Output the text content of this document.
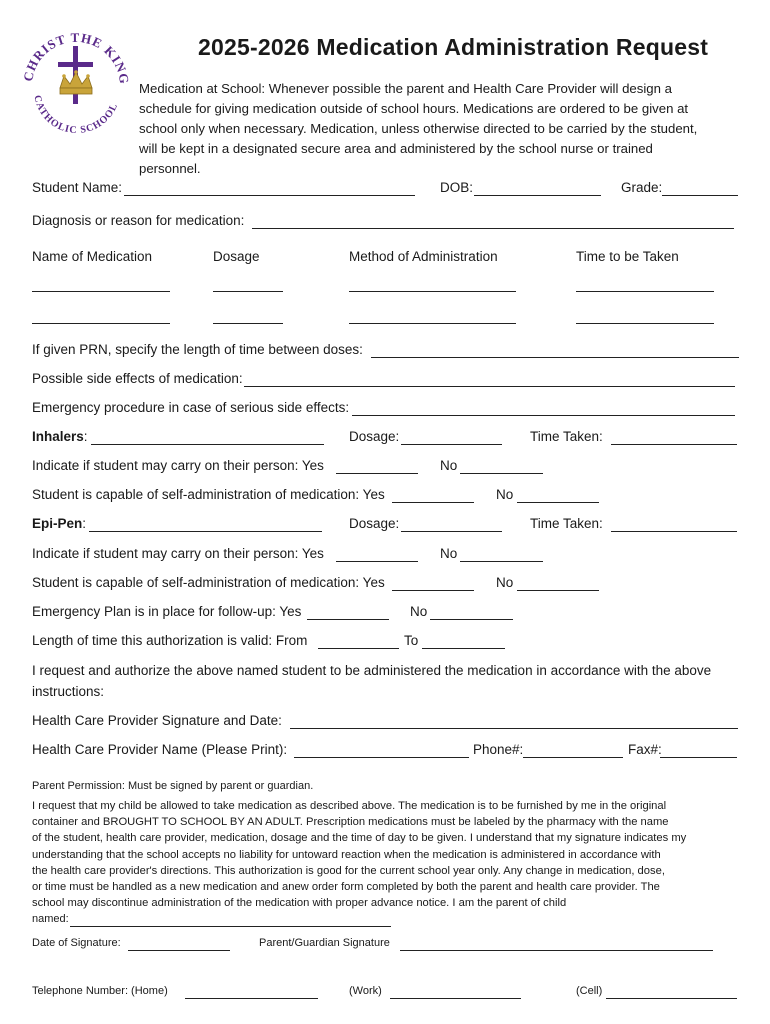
CHRIST THE KING
CATHOLIC SCHOOL
2025-2026 Medication Administration Request
Medication at School: Whenever possible the parent and Health Care Provider will design a
schedule for giving medication outside of school hours. Medications are ordered to be given at
school only when necessary. Medication, unless otherwise directed to be carried by the student,
will be kept in a designated secure area and administered by the school nurse or trained
personnel.
Student Name:	DOB:	Grade:
Diagnosis or reason for medication:
Name of Medication	Dosage	Method of Administration	Time to be Taken
If given PRN, specify the length of time between doses:
Possible side effects of medication:
Emergency procedure in case of serious side effects:
Inhalers:	Dosage:	Time Taken:
Indicate if student may carry on their person: Yes	No
Student is capable of self-administration of medication: Yes	No
Epi-Pen:	Dosage:	Time Taken:
Indicate if student may carry on their person: Yes	No
Student is capable of self-administration of medication: Yes	No
Emergency Plan is in place for follow-up: Yes	No
Length of time this authorization is valid: From	To
I request and authorize the above named student to be administered the medication in accordance with the above
instructions:
Health Care Provider Signature and Date:
Health Care Provider Name (Please Print):	Phone#:	Fax#:
Parent Permission: Must be signed by parent or guardian.
I request that my child be allowed to take medication as described above. The medication is to be furnished by me in the original
container and BROUGHT TO SCHOOL BY AN ADULT. Prescription medications must be labeled by the pharmacy with the name
of the student, health care provider, medication, dosage and the time of day to be given. I understand that my signature indicates my
understanding that the school accepts no liability for untoward reaction when the medication is administered in accordance with
the health care provider's directions. This authorization is good for the current school year only. Any change in medication, dose,
or time must be handled as a new medication and anew order form completed by both the parent and health care provider. The
school may discontinue administration of the medication with proper advance notice. I am the parent of child
named:
Date of Signature:	Parent/Guardian Signature
Telephone Number: (Home)	(Work)	(Cell)
